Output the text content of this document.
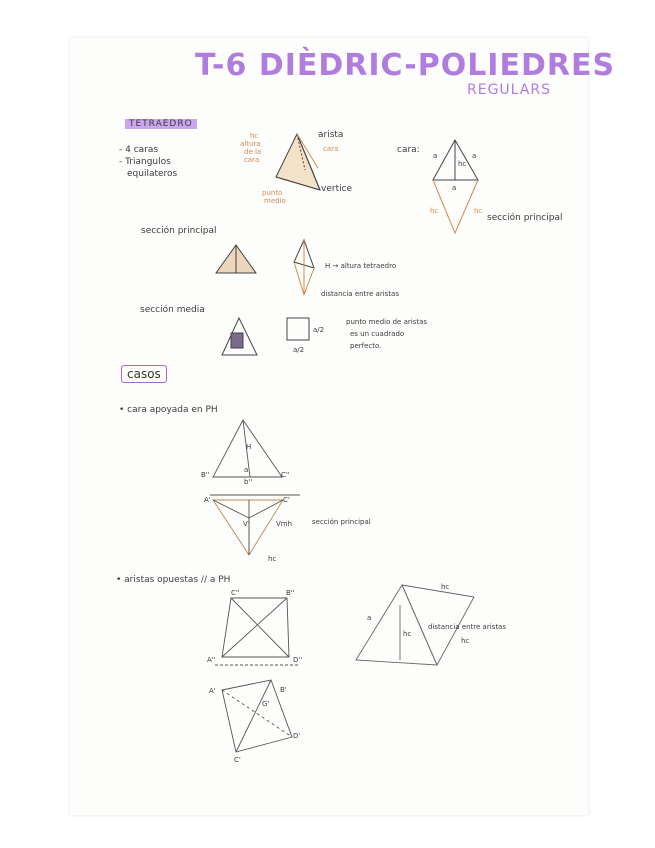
T-6 DIÈDRIC-POLIEDRES
REGULARS
TETRAEDRO
- 4 caras
- Triangulos
equilateros
hc
altura
de la
cara
arista
cara
punto
medio
vertice
cara:
a	a
hc
a
hc	hc
sección principal
sección principal
H → altura tetraedro
distancia entre aristas
sección media
a/2
a/2
punto medio de aristas
es un cuadrado
perfecto.
casos
• cara apoyada en PH
H
a
B''
b''
C''
A'	C'
V'	Vmh	sección principal
hc
• aristas opuestas // a PH
C''	B''
A''	D''
A'	B'
G'
D'
C'
hc
a
hc
distancia entre aristas
hc
